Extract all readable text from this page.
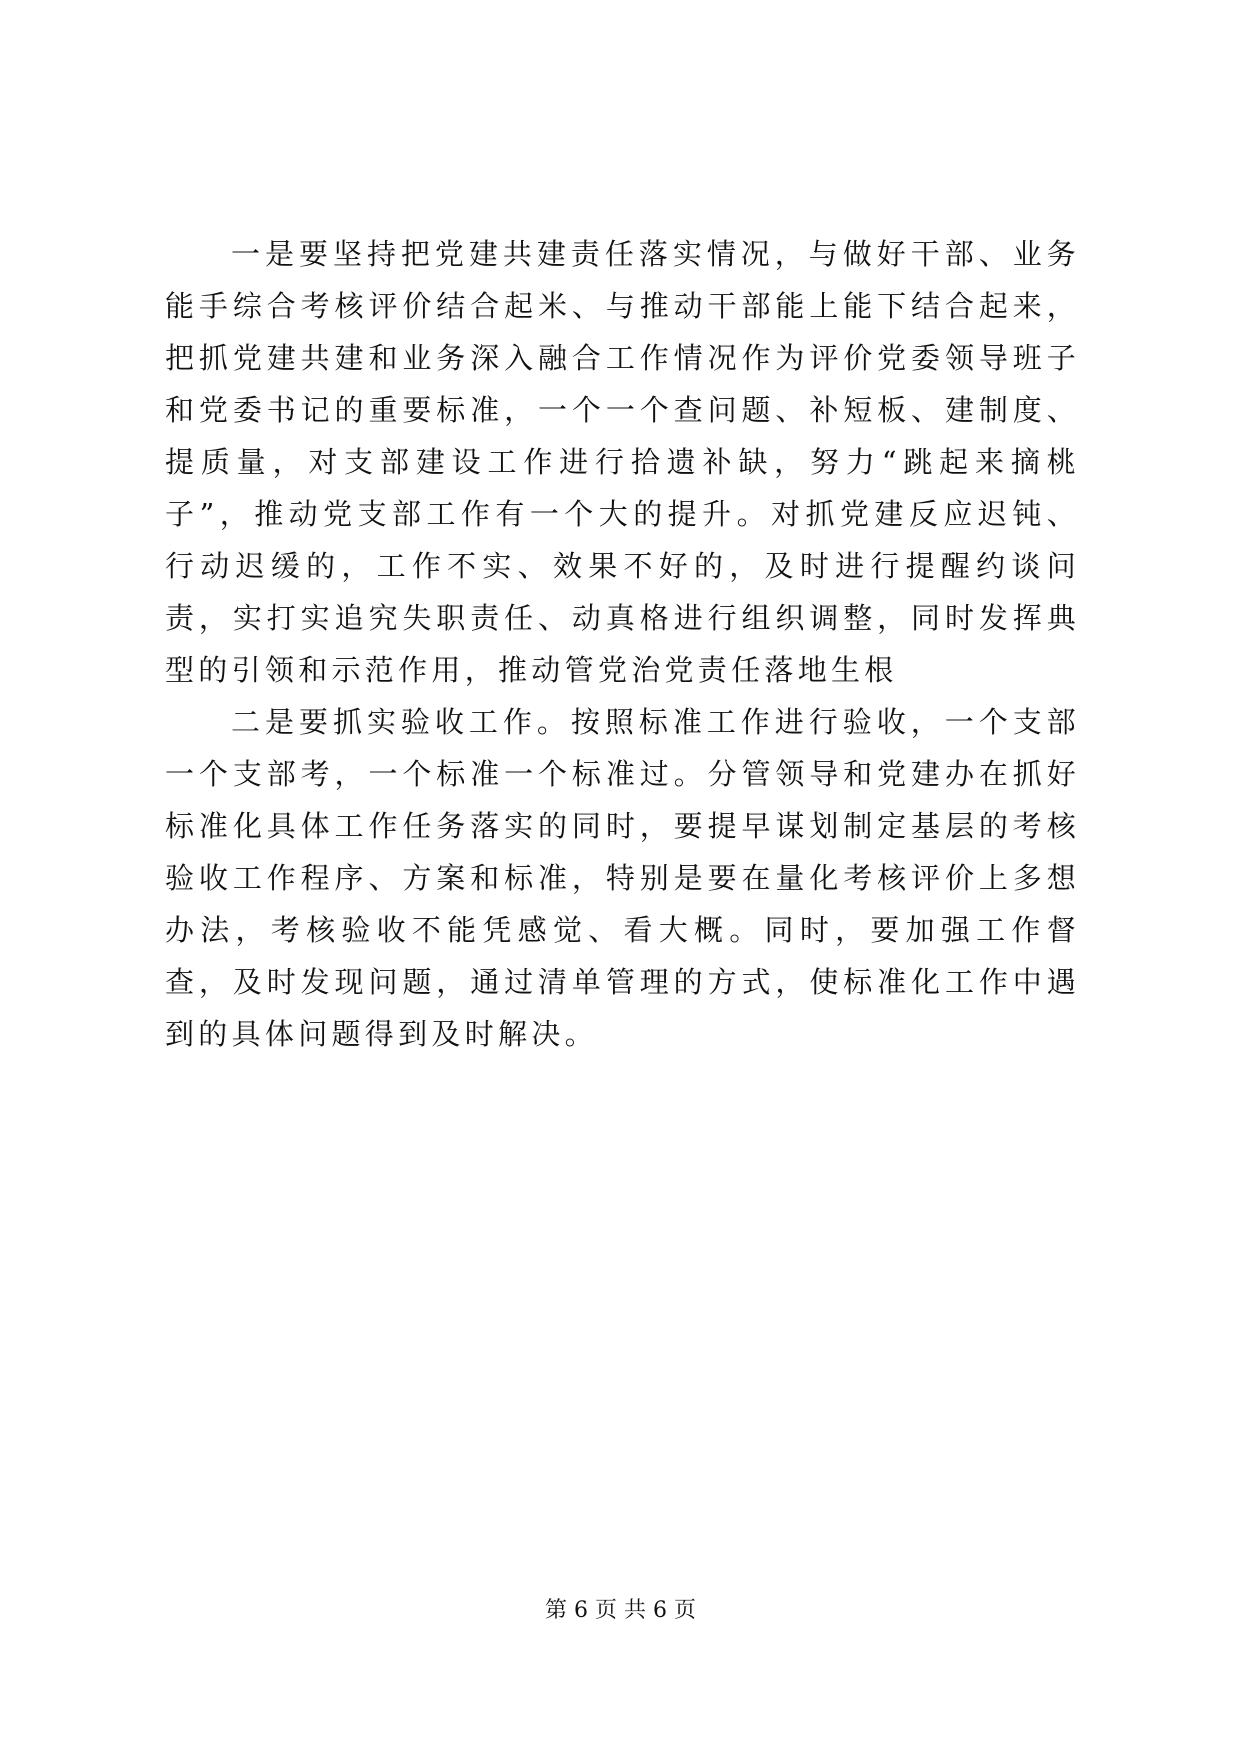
一是要坚持把党建共建责任落实情况，与做好干部、业务能手综合考核评价结合起米、与推动干部能上能下结合起来，把抓党建共建和业务深入融合工作情况作为评价党委领导班子和党委书记的重要标准，一个一个查问题、补短板、建制度、提质量，对支部建设工作进行拾遗补缺，努力“跳起来摘桃子”，推动党支部工作有一个大的提升。对抓党建反应迟钝、行动迟缓的，工作不实、效果不好的，及时进行提醒约谈问责，实打实追究失职责任、动真格进行组织调整，同时发挥典型的引领和示范作用，推动管党治党责任落地生根

二是要抓实验收工作。按照标准工作进行验收，一个支部一个支部考，一个标准一个标准过。分管领导和党建办在抓好标准化具体工作任务落实的同时，要提早谋划制定基层的考核验收工作程序、方案和标准，特别是要在量化考核评价上多想办法，考核验收不能凭感觉、看大概。同时，要加强工作督查，及时发现问题，通过清单管理的方式，使标准化工作中遇到的具体问题得到及时解决。

第 6 页 共 6 页
